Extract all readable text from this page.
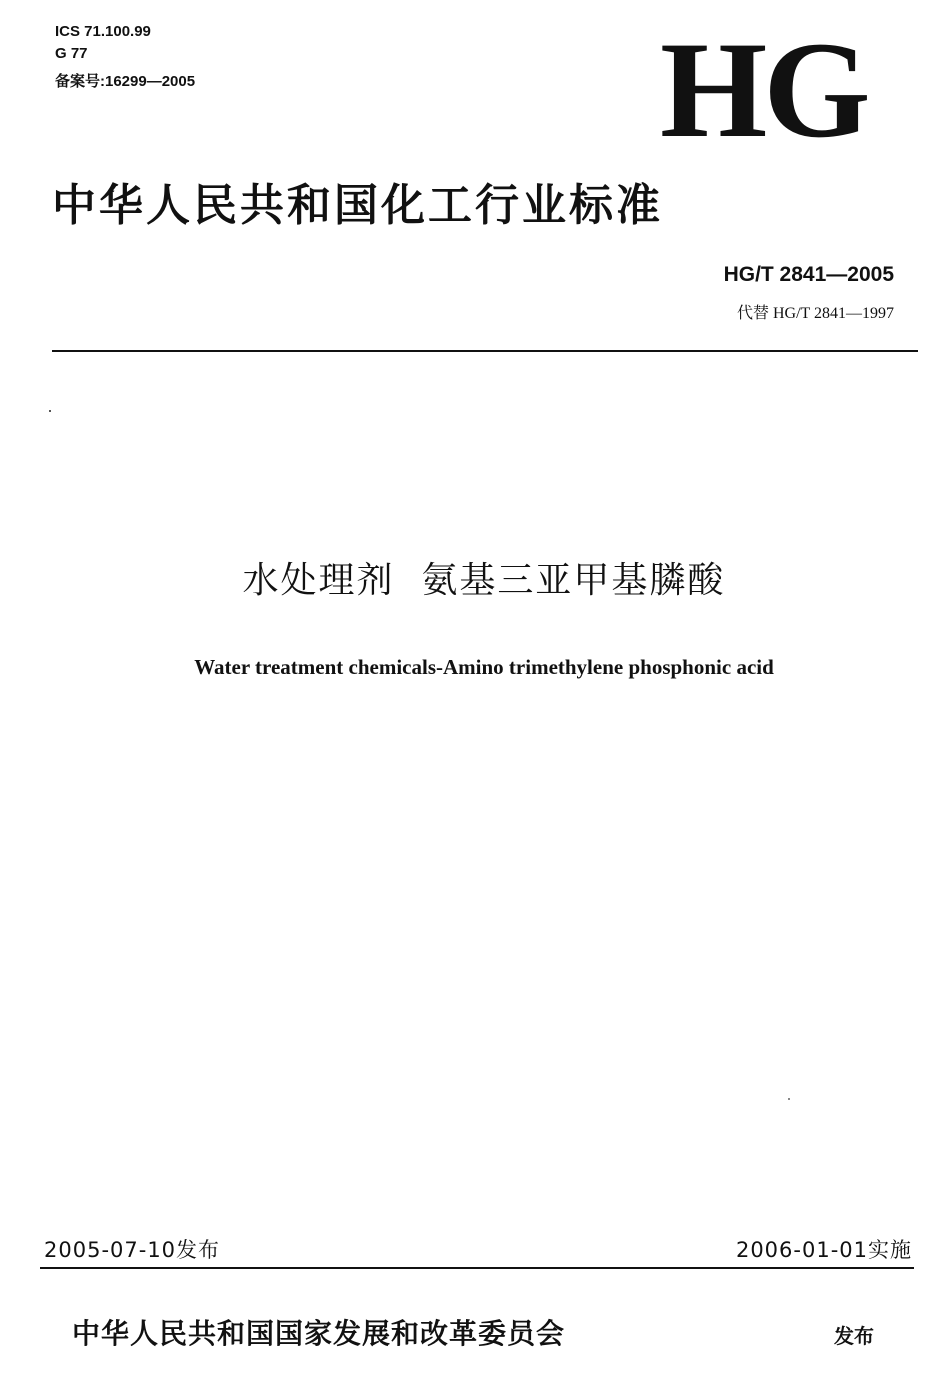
ICS 71.100.99
G 77
备案号:16299—2005	HG
中华人民共和国化工行业标准
HG/T 2841—2005
代替 HG/T 2841—1997
水处理剂  氨基三亚甲基膦酸
Water treatment chemicals-Amino trimethylene phosphonic acid
2005-07-10发布	2006-01-01实施
中华人民共和国国家发展和改革委员会	发布
